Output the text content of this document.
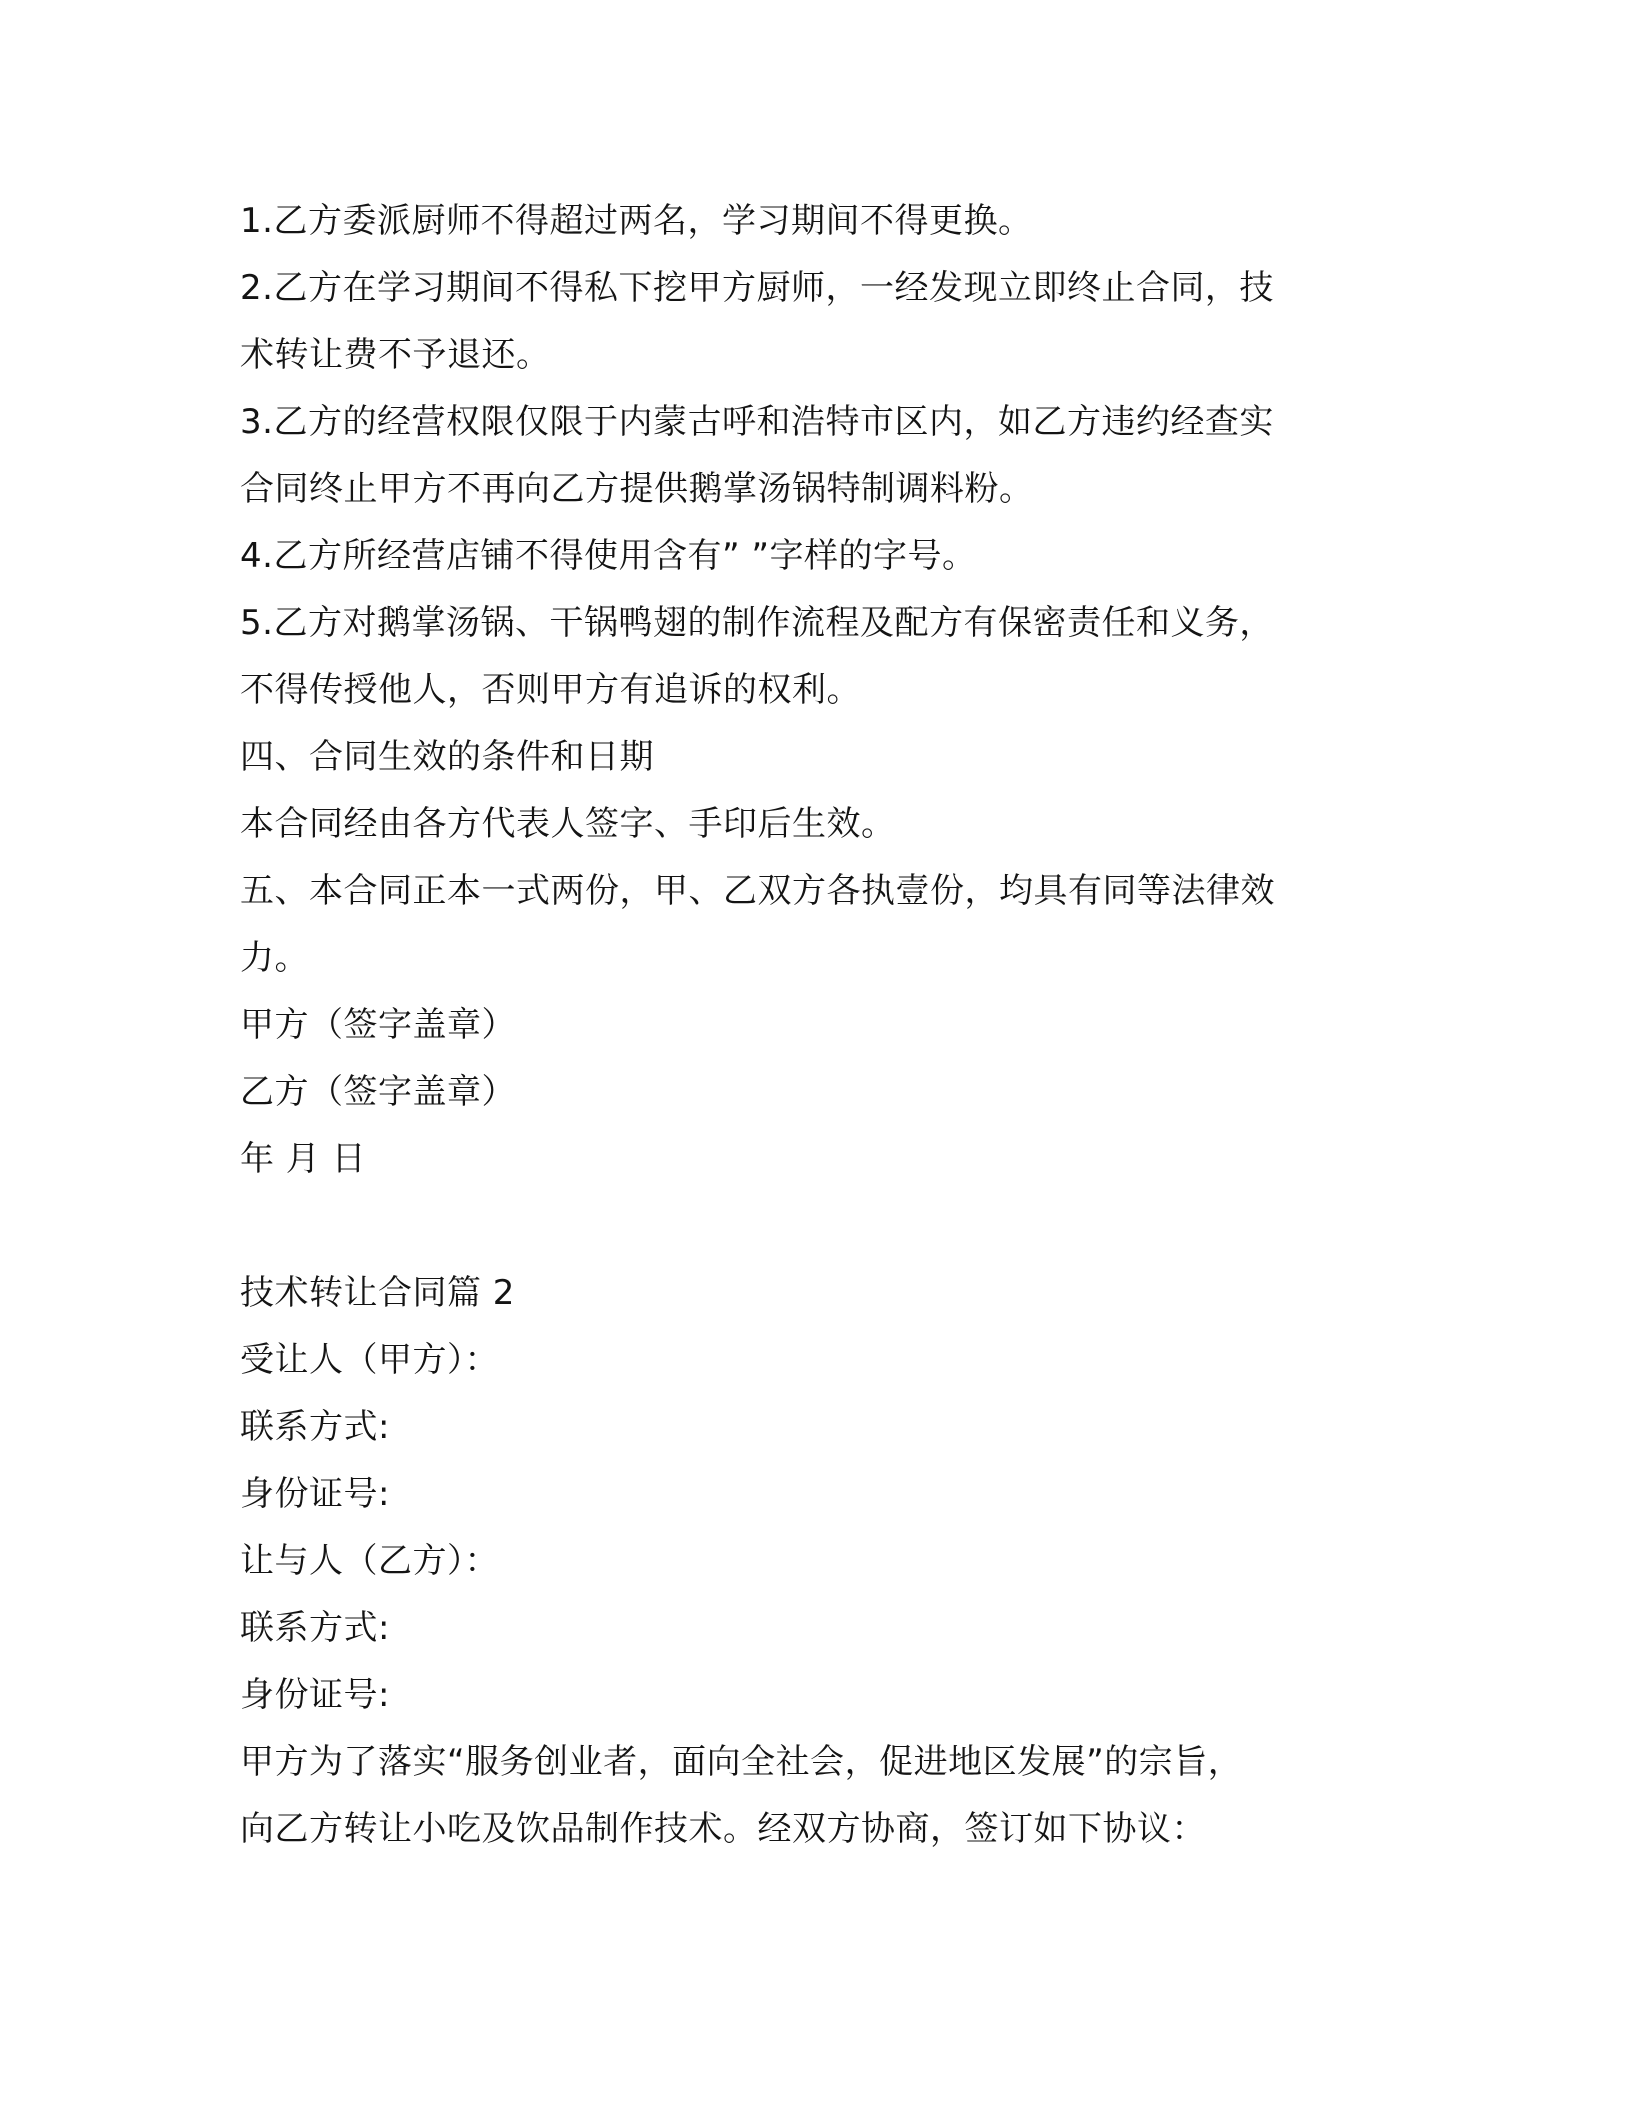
1.乙方委派厨师不得超过两名，学习期间不得更换。

2.乙方在学习期间不得私下挖甲方厨师，一经发现立即终止合同，技

术转让费不予退还。

3.乙方的经营权限仅限于内蒙古呼和浩特市区内，如乙方违约经查实

合同终止甲方不再向乙方提供鹅掌汤锅特制调料粉。

4.乙方所经营店铺不得使用含有” ”字样的字号。

5.乙方对鹅掌汤锅、干锅鸭翅的制作流程及配方有保密责任和义务，

不得传授他人，否则甲方有追诉的权利。

四、合同生效的条件和日期

本合同经由各方代表人签字、手印后生效。

五、本合同正本一式两份，甲、乙双方各执壹份，均具有同等法律效

力。

甲方（签字盖章）

乙方（签字盖章）

年 月 日

技术转让合同篇 2

受让人（甲方）：

联系方式:

身份证号:

让与人（乙方）：

联系方式:

身份证号:

甲方为了落实“服务创业者，面向全社会，促进地区发展”的宗旨，

向乙方转让小吃及饮品制作技术。经双方协商，签订如下协议：
